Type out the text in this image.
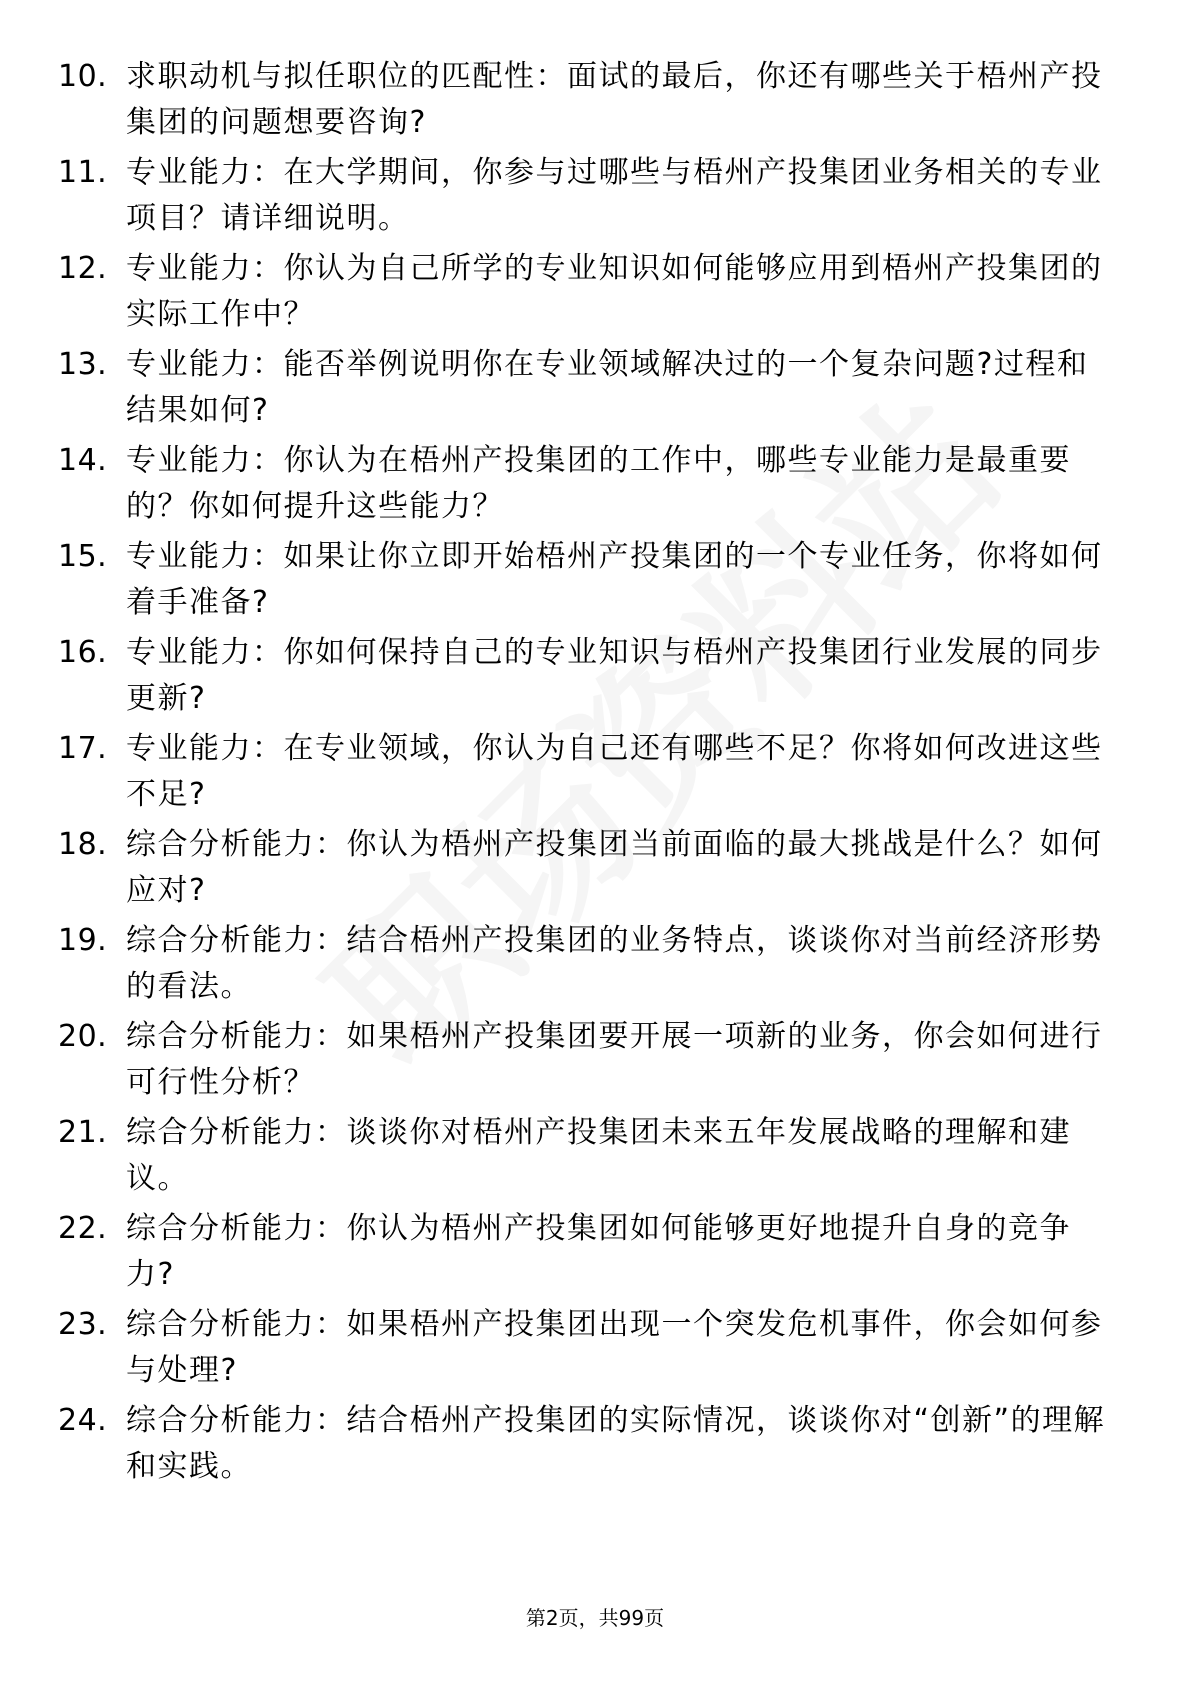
10. 求职动机与拟任职位的匹配性：面试的最后，你还有哪些关于梧州产投集团的问题想要咨询?
11. 专业能力：在大学期间，你参与过哪些与梧州产投集团业务相关的专业项目？请详细说明。
12. 专业能力：你认为自己所学的专业知识如何能够应用到梧州产投集团的实际工作中？
13. 专业能力：能否举例说明你在专业领域解决过的一个复杂问题?过程和结果如何?
14. 专业能力：你认为在梧州产投集团的工作中，哪些专业能力是最重要的？你如何提升这些能力？
15. 专业能力：如果让你立即开始梧州产投集团的一个专业任务，你将如何着手准备?
16. 专业能力：你如何保持自己的专业知识与梧州产投集团行业发展的同步更新?
17. 专业能力：在专业领域，你认为自己还有哪些不足？你将如何改进这些不足?
18. 综合分析能力：你认为梧州产投集团当前面临的最大挑战是什么？如何应对?
19. 综合分析能力：结合梧州产投集团的业务特点，谈谈你对当前经济形势的看法。
20. 综合分析能力：如果梧州产投集团要开展一项新的业务，你会如何进行可行性分析？
21. 综合分析能力：谈谈你对梧州产投集团未来五年发展战略的理解和建议。
22. 综合分析能力：你认为梧州产投集团如何能够更好地提升自身的竞争力?
23. 综合分析能力：如果梧州产投集团出现一个突发危机事件，你会如何参与处理?
24. 综合分析能力：结合梧州产投集团的实际情况，谈谈你对“创新”的理解和实践。
第2页，共99页
